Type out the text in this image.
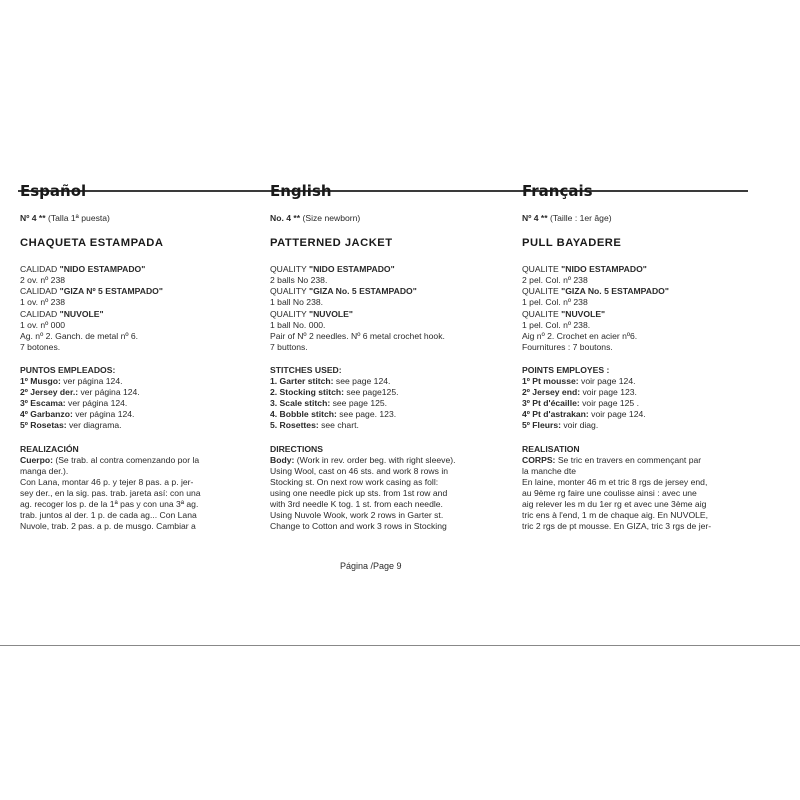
Español
Nº 4 ** (Talla 1ª puesta)
CHAQUETA ESTAMPADA
CALIDAD "NIDO ESTAMPADO"
2 ov. nº 238
CALIDAD "GIZA Nº 5 ESTAMPADO"
1 ov. nº 238
CALIDAD "NUVOLE"
1 ov. nº 000
Ag. nº 2. Ganch. de metal nº 6.
7 botones.
PUNTOS EMPLEADOS:
1º Musgo: ver página 124.
2º Jersey der.: ver página 124.
3º Escama: ver página 124.
4º Garbanzo: ver página 124.
5º Rosetas: ver diagrama.
REALIZACIÓN
Cuerpo: (Se trab. al contra comenzando por la
manga der.).
Con Lana, montar 46 p. y tejer 8 pas. a p. jer-
sey der., en la sig. pas. trab. jareta así: con una
ag. recoger los p. de la 1ª pas y con una 3ª ag.
trab. juntos al der. 1 p. de cada ag... Con Lana
Nuvole, trab. 2 pas. a p. de musgo. Cambiar a
English
No. 4 ** (Size newborn)
PATTERNED JACKET
QUALITY "NIDO ESTAMPADO"
2 balls No 238.
QUALITY "GIZA No. 5 ESTAMPADO"
1 ball No 238.
QUALITY "NUVOLE"
1 ball No. 000.
Pair of Nº 2 needles. Nº 6 metal crochet hook.
7 buttons.
STITCHES USED:
1. Garter stitch: see page 124.
2. Stocking stitch: see page125.
3. Scale stitch: see page 125.
4. Bobble stitch: see page. 123.
5. Rosettes: see chart.
DIRECTIONS
Body: (Work in rev. order beg. with right sleeve).
Using Wool, cast on 46 sts. and work 8 rows in
Stocking st. On next row work casing as foll:
using one needle pick up sts. from 1st row and
with 3rd needle K tog. 1 st. from each needle.
Using Nuvole Wook, work 2 rows in Garter st.
Change to Cotton and work 3 rows in Stocking
Français
Nº 4 ** (Taille : 1er âge)
PULL BAYADERE
QUALITE "NIDO ESTAMPADO"
2 pel. Col. nº 238
QUALITE "GIZA No. 5 ESTAMPADO"
1 pel. Col. nº 238
QUALITE "NUVOLE"
1 pel. Col. nº 238.
Aig nº 2. Crochet en acier nº6.
Fournitures : 7 boutons.
POINTS EMPLOYES :
1º Pt mousse: voir page 124.
2º Jersey end: voir page 123.
3º Pt d'écaille: voir page 125 .
4º Pt d'astrakan: voir page 124.
5º Fleurs: voir diag.
REALISATION
CORPS: Se tric en travers en commençant par
la manche dte
En laine, monter 46 m et tric 8 rgs de jersey end,
au 9ème rg faire une coulisse ainsi : avec une
aig relever les m du 1er rg et avec une 3ème aig
tric ens à l'end, 1 m de chaque aig. En NUVOLE,
tric 2 rgs de pt mousse. En GIZA, tric 3 rgs de jer-
Página /Page 9
